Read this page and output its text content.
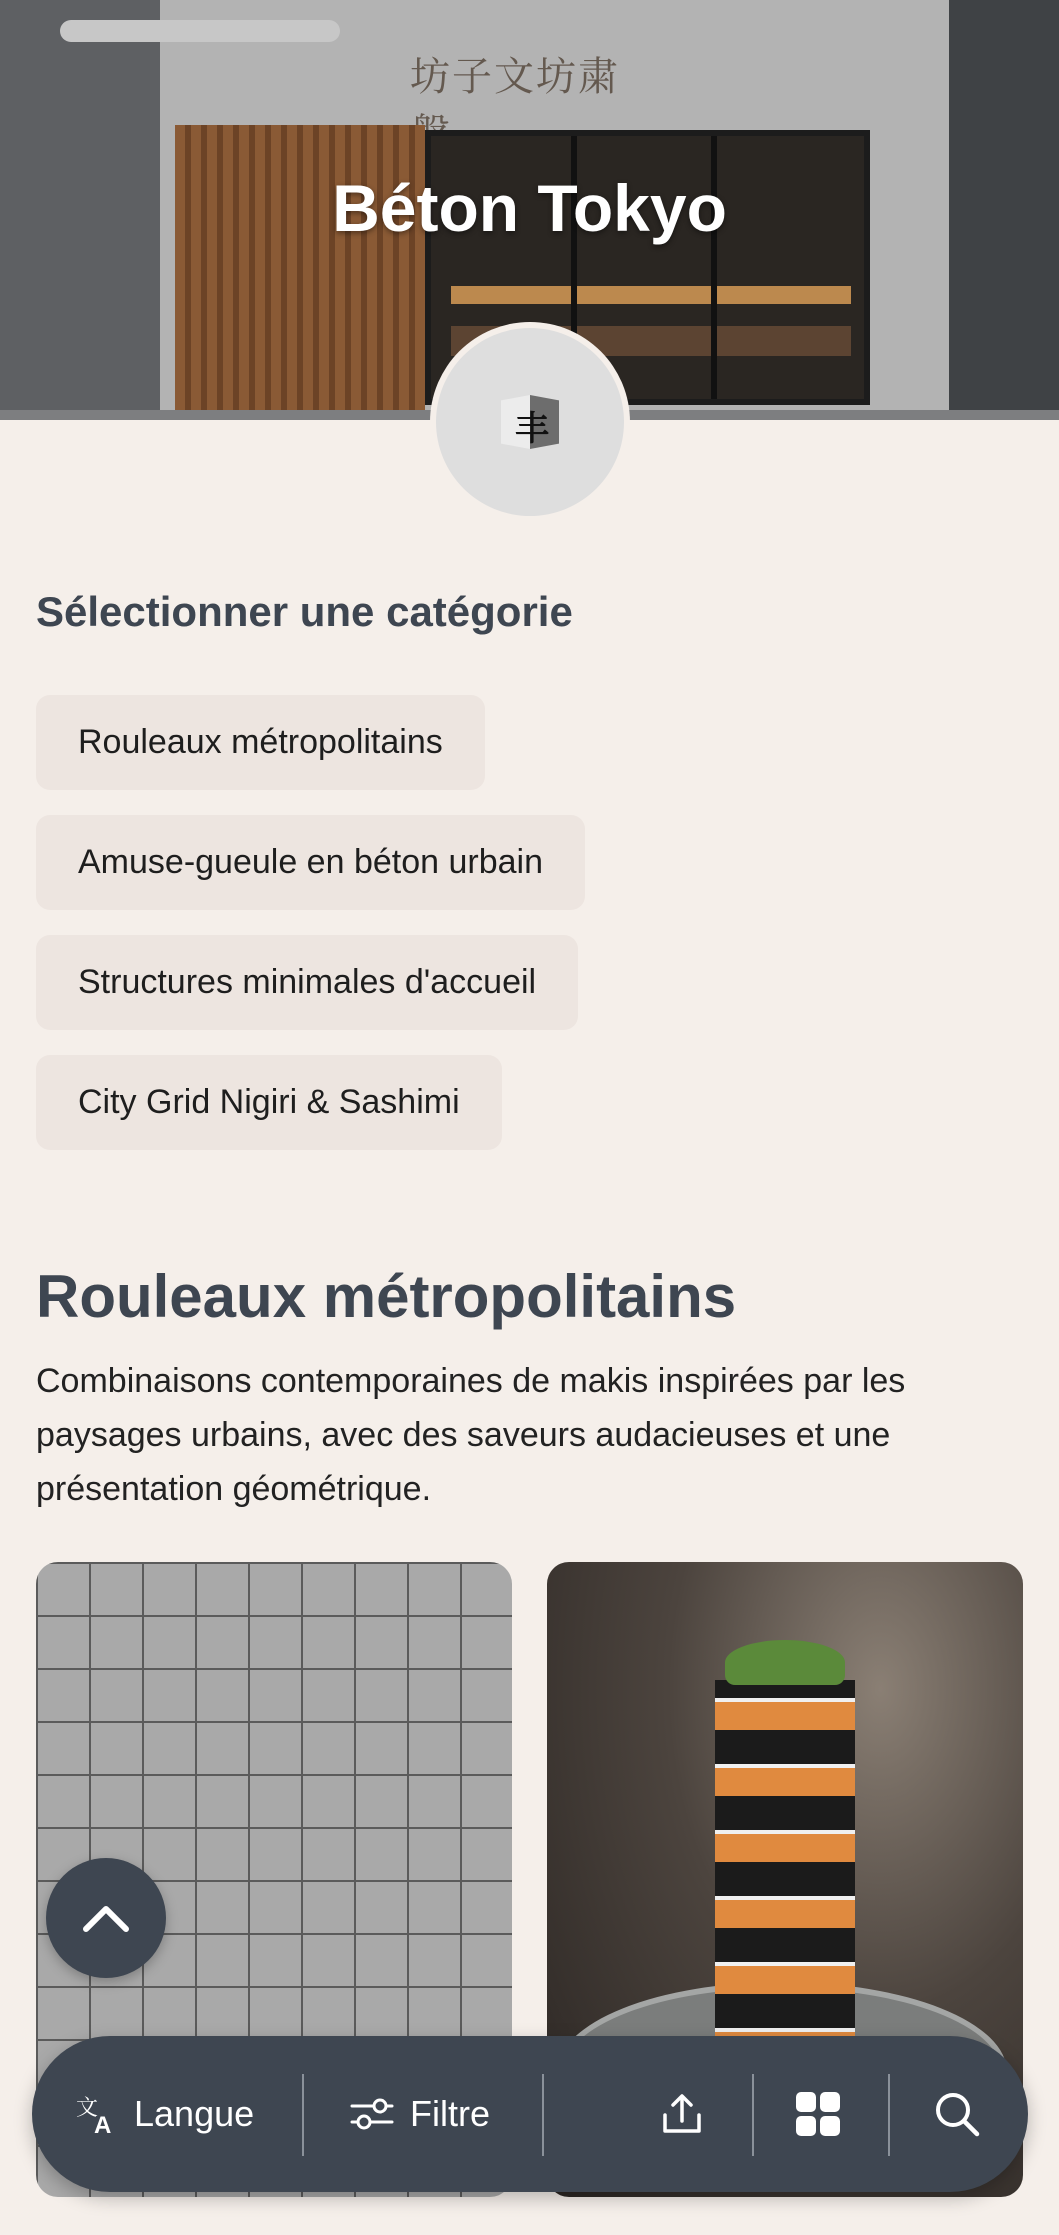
坊子文坊粛
Béton Tokyo
丰
Sélectionner une catégorie
Rouleaux métropolitains
Amuse-gueule en béton urbain
Structures minimales d'accueil
City Grid Nigiri & Sashimi
Rouleaux métropolitains

Combinaisons contemporaines de makis inspirées par les paysages urbains, avec des saveurs audacieuses et une présentation géométrique.

文
A Langue	Filtre
